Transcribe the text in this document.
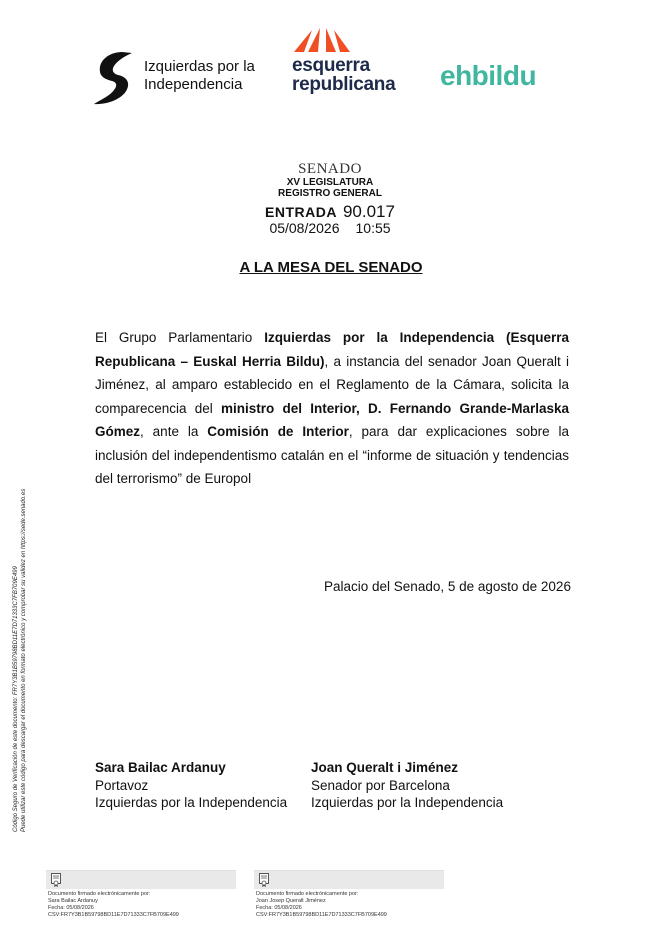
Izquierdas por la
Independencia
esquerra
republicana ehbildu
SENADO
XV LEGISLATURA
REGISTRO GENERAL
ENTRADA 90.017
05/08/2026 10:55
A LA MESA DEL SENADO
El Grupo Parlamentario Izquierdas por la Independencia (Esquerra Republicana – Euskal Herria Bildu), a instancia del senador Joan Queralt i Jiménez, al amparo establecido en el Reglamento de la Cámara, solicita la comparecencia del ministro del Interior, D. Fernando Grande-Marlaska Gómez, ante la Comisión de Interior, para dar explicaciones sobre la inclusión del independentismo catalán en el “informe de situación y tendencias del terrorismo” de Europol
Palacio del Senado, 5 de agosto de 2026
Sara Bailac Ardanuy
Portavoz
Izquierdas por la Independencia
Joan Queralt i Jiménez
Senador por Barcelona
Izquierdas por la Independencia
Código Seguro de Verificación de este documento: FR7Y3B1B59798BD11E7D71333C7FB709E499 Puede utilizar este código para descargar el documento en formato electrónico y comprobar su validez en https://sede.senado.es
Documento firmado electrónicamente por:
Sara Bailac Ardanuy
Fecha: 05/08/2026
CSV:FR7Y3B1B59798BD11E7D71333C7FB709E499
Documento firmado electrónicamente por:
Joan Josep Queralt Jiménez
Fecha: 05/08/2026
CSV:FR7Y3B1B59798BD11E7D71333C7FB709E499
